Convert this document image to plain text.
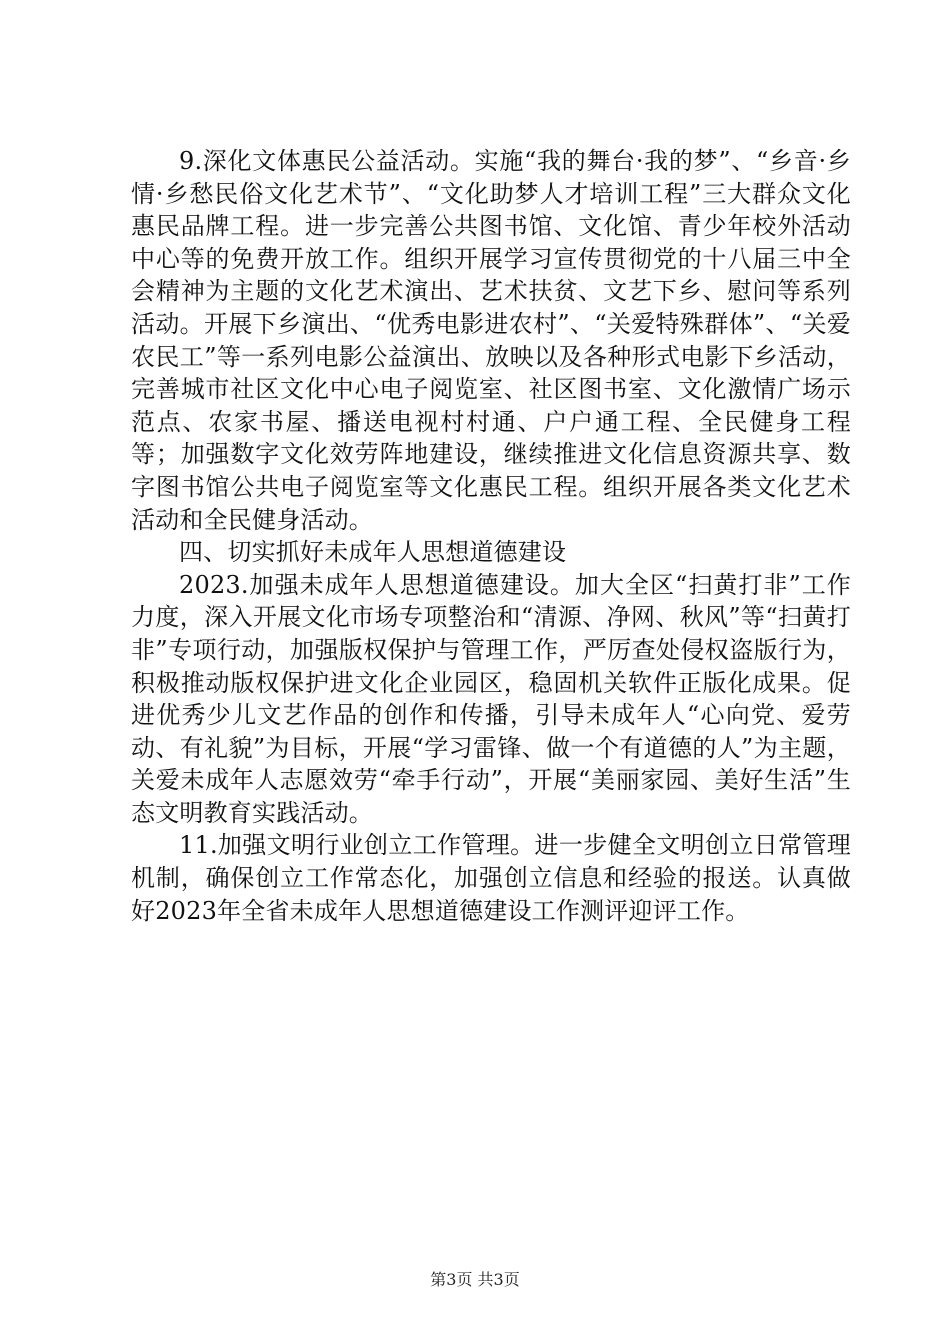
9.深化文体惠民公益活动。实施“我的舞台·我的梦”、“乡音·乡情·乡愁民俗文化艺术节”、“文化助梦人才培训工程”三大群众文化惠民品牌工程。进一步完善公共图书馆、文化馆、青少年校外活动中心等的免费开放工作。组织开展学习宣传贯彻党的十八届三中全会精神为主题的文化艺术演出、艺术扶贫、文艺下乡、慰问等系列活动。开展下乡演出、“优秀电影进农村”、“关爱特殊群体”、“关爱农民工”等一系列电影公益演出、放映以及各种形式电影下乡活动，完善城市社区文化中心电子阅览室、社区图书室、文化激情广场示范点、农家书屋、播送电视村村通、户户通工程、全民健身工程等；加强数字文化效劳阵地建设，继续推进文化信息资源共享、数字图书馆公共电子阅览室等文化惠民工程。组织开展各类文化艺术活动和全民健身活动。

四、切实抓好未成年人思想道德建设

2023.加强未成年人思想道德建设。加大全区“扫黄打非”工作力度，深入开展文化市场专项整治和“清源、净网、秋风”等“扫黄打非”专项行动，加强版权保护与管理工作，严厉查处侵权盗版行为，积极推动版权保护进文化企业园区，稳固机关软件正版化成果。促进优秀少儿文艺作品的创作和传播，引导未成年人“心向党、爱劳动、有礼貌”为目标，开展“学习雷锋、做一个有道德的人”为主题，关爱未成年人志愿效劳“牵手行动”，开展“美丽家园、美好生活”生态文明教育实践活动。

11.加强文明行业创立工作管理。进一步健全文明创立日常管理机制，确保创立工作常态化，加强创立信息和经验的报送。认真做好2023年全省未成年人思想道德建设工作测评迎评工作。

第3页 共3页
